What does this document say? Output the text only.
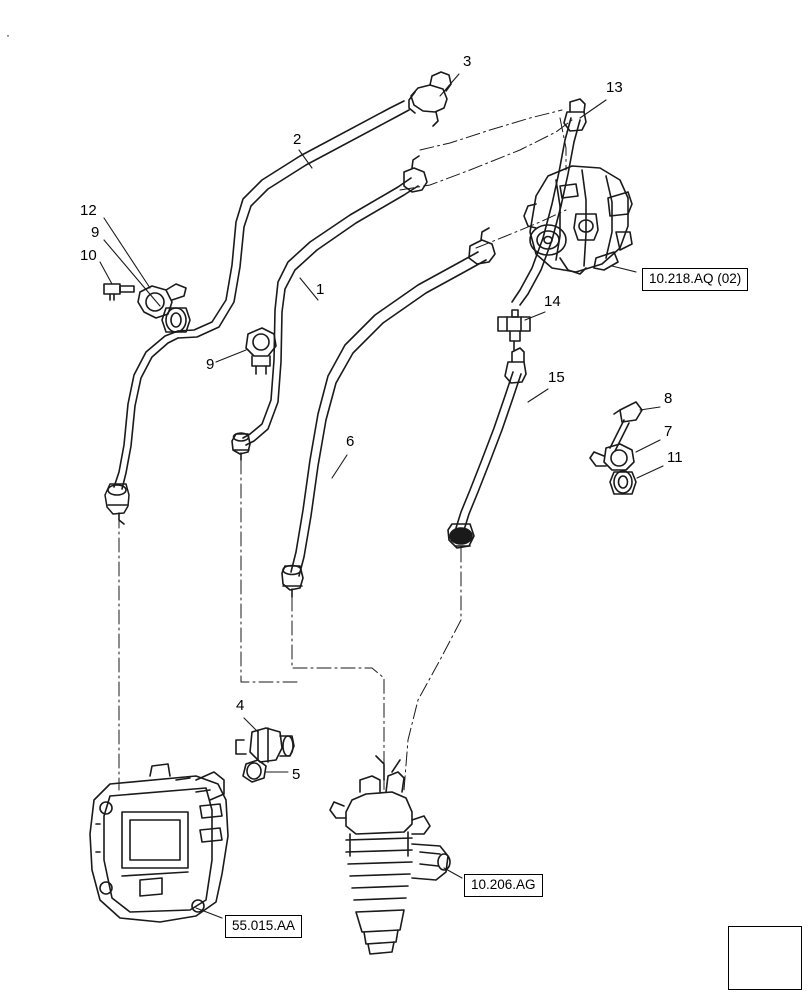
·
1
2
3
4
5
6
7
8
9
9
10
11
12
13
14
15
10.218.AQ (02)
10.206.AG
55.015.AA
